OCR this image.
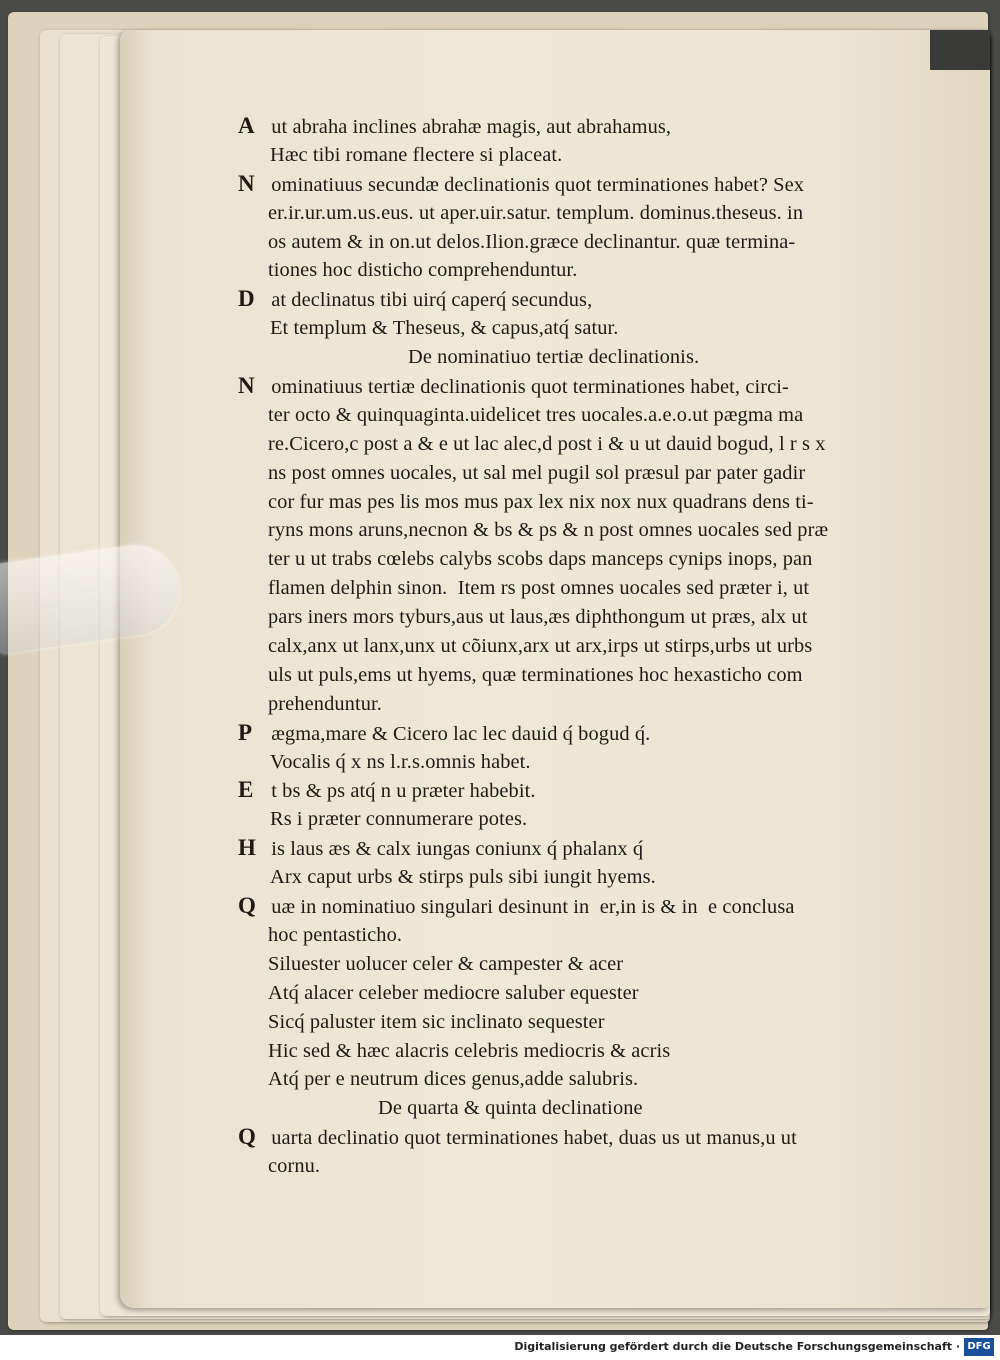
A ut abraha inclines abrahæ magis, aut abrahamus,
Hæc tibi romane flectere si placeat.
N ominatiuus secundæ declinationis quot terminationes habet? Sex
er.ir.ur.um.us.eus. ut aper.uir.satur. templum. dominus.theseus. in
os autem & in on.ut delos.Ilion.græce declinantur. quæ termina-
tiones hoc disticho comprehenduntur.
D at declinatus tibi uirq́ caperq́ secundus,
Et templum & Theseus, & capus,atq́ satur.
De nominatiuo tertiæ declinationis.
N ominatiuus tertiæ declinationis quot terminationes habet, circi-
ter octo & quinquaginta.uidelicet tres uocales.a.e.o.ut pægma ma
re.Cicero,c post a & e ut lac alec,d post i & u ut dauid bogud, l r s x
ns post omnes uocales, ut sal mel pugil sol præsul par pater gadir
cor fur mas pes lis mos mus pax lex nix nox nux quadrans dens ti-
ryns mons aruns,necnon & bs & ps & n post omnes uocales sed præ
ter u ut trabs cœlebs calybs scobs daps manceps cynips inops, pan
flamen delphin sinon.  Item rs post omnes uocales sed præter i, ut
pars iners mors tyburs,aus ut laus,æs diphthongum ut præs, alx ut
calx,anx ut lanx,unx ut cõiunx,arx ut arx,irps ut stirps,urbs ut urbs
uls ut puls,ems ut hyems, quæ terminationes hoc hexasticho com
prehenduntur.
P ægma,mare & Cicero lac lec dauid q́ bogud q́.
Vocalis q́ x ns l.r.s.omnis habet.
E t bs & ps atq́ n u præter habebit.
Rs i præter connumerare potes.
H is laus æs & calx iungas coniunx q́ phalanx q́
Arx caput urbs & stirps puls sibi iungit hyems.
Q uæ in nominatiuo singulari desinunt in  er,in is & in  e conclusa
hoc pentasticho.
Siluester uolucer celer & campester & acer
Atq́ alacer celeber mediocre saluber equester
Sicq́ paluster item sic inclinato sequester
Hic sed & hæc alacris celebris mediocris & acris
Atq́ per e neutrum dices genus,adde salubris.
De quarta & quinta declinatione
Q uarta declinatio quot terminationes habet, duas us ut manus,u ut
cornu.
Digitalisierung gefördert durch die Deutsche Forschungsgemeinschaft · DFG
